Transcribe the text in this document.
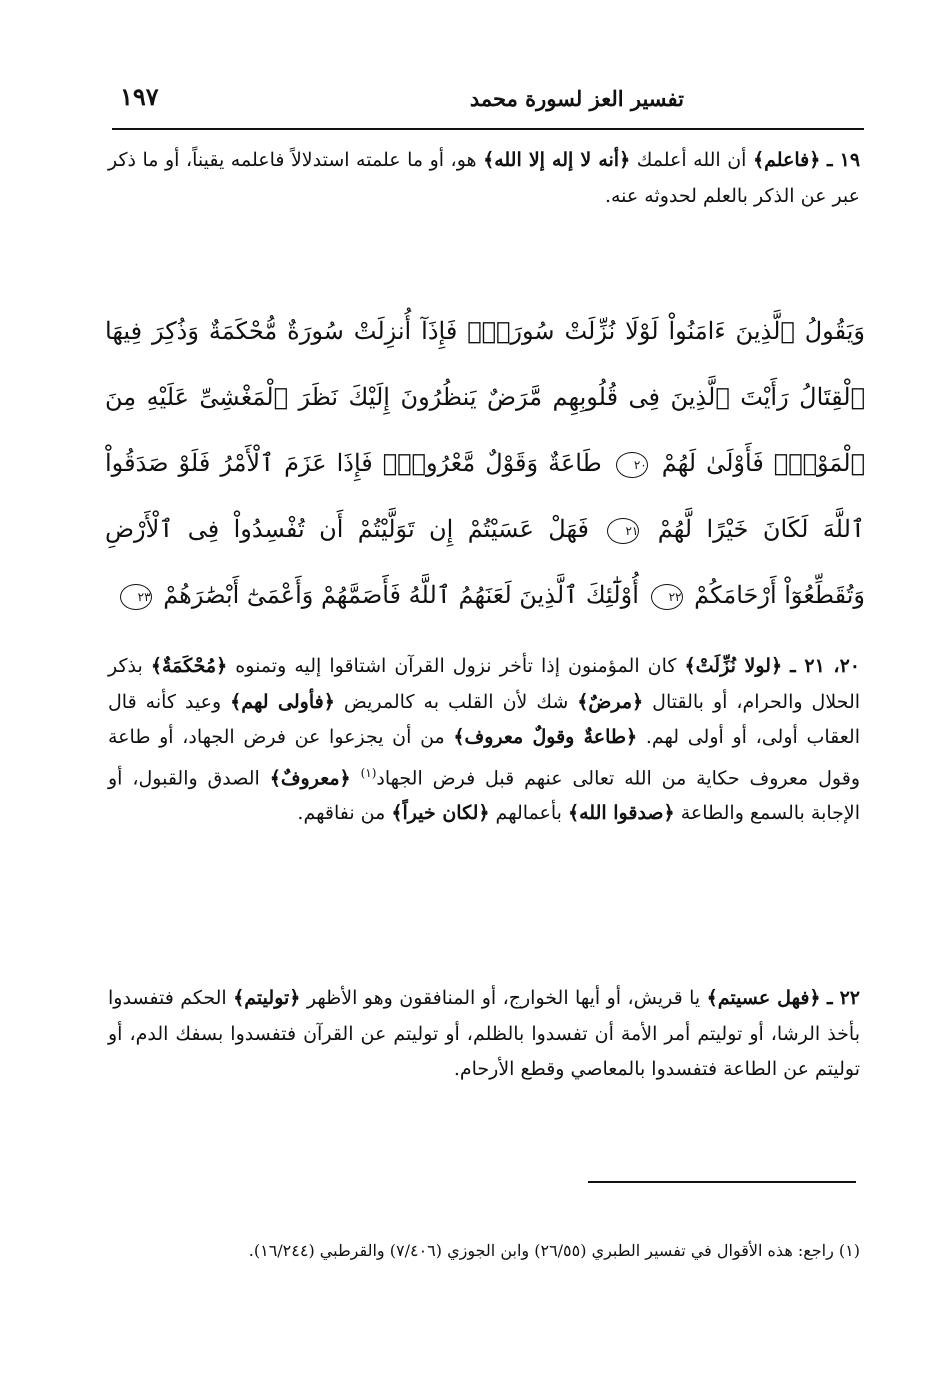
تفسير العز لسورة محمد
١٩٧
١٩ ـ ﴿فاعلم﴾ أن الله أعلمك ﴿أنه لا إله إلا الله﴾ هو، أو ما علمته استدلالاً فاعلمه يقيناً، أو ما ذكر عبر عن الذكر بالعلم لحدوثه عنه.
وَيَقُولُ ٱلَّذِينَ ءَامَنُواْ لَوْلَا نُزِّلَتْ سُورَةٌۖ فَإِذَآ أُنزِلَتْ سُورَةٌ مُّحْكَمَةٌ وَذُكِرَ فِيهَا ٱلْقِتَالُ رَأَيْتَ ٱلَّذِينَ فِى قُلُوبِهِم مَّرَضٌ يَنظُرُونَ إِلَيْكَ نَظَرَ ٱلْمَغْشِىِّ عَلَيْهِ مِنَ ٱلْمَوْتِۖ فَأَوْلَىٰ لَهُمْ ٢٠ طَاعَةٌ وَقَوْلٌ مَّعْرُوفٌۚ فَإِذَا عَزَمَ ٱلْأَمْرُ فَلَوْ صَدَقُواْ ٱللَّهَ لَكَانَ خَيْرًا لَّهُمْ ٢١ فَهَلْ عَسَيْتُمْ إِن تَوَلَّيْتُمْ أَن تُفْسِدُواْ فِى ٱلْأَرْضِ وَتُقَطِّعُوٓاْ أَرْحَامَكُمْ ٢٢ أُوْلَٰٓئِكَ ٱلَّذِينَ لَعَنَهُمُ ٱللَّهُ فَأَصَمَّهُمْ وَأَعْمَىٰٓ أَبْصَٰرَهُمْ ٢٣
٢٠، ٢١ ـ ﴿لولا نُزِّلَتْ﴾ كان المؤمنون إذا تأخر نزول القرآن اشتاقوا إليه وتمنوه ﴿مُحْكَمَةٌ﴾ بذكر الحلال والحرام، أو بالقتال ﴿مرضٌ﴾ شك لأن القلب به كالمريض ﴿فأولى لهم﴾ وعيد كأنه قال العقاب أولى، أو أولى لهم. ﴿طاعةٌ وقولٌ معروف﴾ من أن يجزعوا عن فرض الجهاد، أو طاعة وقول معروف حكاية من الله تعالى عنهم قبل فرض الجهاد$^{(١)}$ ﴿معروفٌ﴾ الصدق والقبول، أو الإجابة بالسمع والطاعة ﴿صدقوا الله﴾ بأعمالهم ﴿لكان خيراً﴾ من نفاقهم.
٢٢ ـ ﴿فهل عسيتم﴾ يا قريش، أو أيها الخوارج، أو المنافقون وهو الأظهر ﴿توليتم﴾ الحكم فتفسدوا بأخذ الرشا، أو توليتم أمر الأمة أن تفسدوا بالظلم، أو توليتم عن القرآن فتفسدوا بسفك الدم، أو توليتم عن الطاعة فتفسدوا بالمعاصي وقطع الأرحام.
(١) راجع: هذه الأقوال في تفسير الطبري (٢٦/٥٥) وابن الجوزي (٧/٤٠٦) والقرطبي (١٦/٢٤٤).
